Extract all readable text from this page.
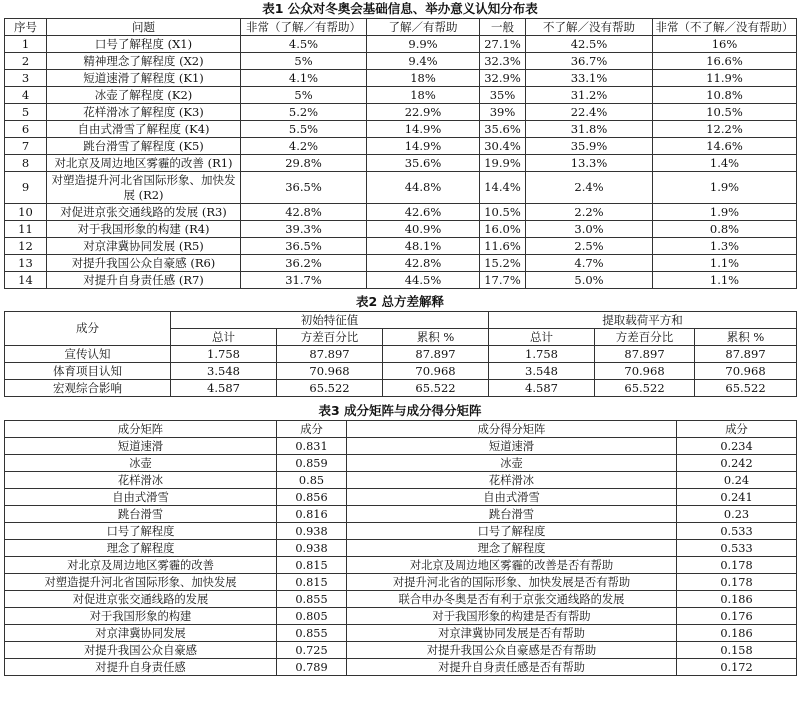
表1 公众对冬奥会基础信息、举办意义认知分布表
序号	问题	非常（了解／有帮助）	了解／有帮助	一般	不了解／没有帮助	非常（不了解／没有帮助）
1	口号了解程度 (X1)	4.5%	9.9%	27.1%	42.5%	16%
2	精神理念了解程度 (X2)	5%	9.4%	32.3%	36.7%	16.6%
3	短道速滑了解程度 (K1)	4.1%	18%	32.9%	33.1%	11.9%
4	冰壶了解程度 (K2)	5%	18%	35%	31.2%	10.8%
5	花样滑冰了解程度 (K3)	5.2%	22.9%	39%	22.4%	10.5%
6	自由式滑雪了解程度 (K4)	5.5%	14.9%	35.6%	31.8%	12.2%
7	跳台滑雪了解程度 (K5)	4.2%	14.9%	30.4%	35.9%	14.6%
8	对北京及周边地区雾霾的改善 (R1)	29.8%	35.6%	19.9%	13.3%	1.4%
9	对塑造提升河北省国际形象、加快发展 (R2)	36.5%	44.8%	14.4%	2.4%	1.9%
10	对促进京张交通线路的发展 (R3)	42.8%	42.6%	10.5%	2.2%	1.9%
11	对于我国形象的构建 (R4)	39.3%	40.9%	16.0%	3.0%	0.8%
12	对京津冀协同发展 (R5)	36.5%	48.1%	11.6%	2.5%	1.3%
13	对提升我国公众自豪感 (R6)	36.2%	42.8%	15.2%	4.7%	1.1%
14	对提升自身责任感 (R7)	31.7%	44.5%	17.7%	5.0%	1.1%
表2 总方差解释
成分	初始特征值			提取载荷平方和		
	总计	方差百分比	累积 %	总计	方差百分比	累积 %
宣传认知	1.758	87.897	87.897	1.758	87.897	87.897
体育项目认知	3.548	70.968	70.968	3.548	70.968	70.968
宏观综合影响	4.587	65.522	65.522	4.587	65.522	65.522
表3 成分矩阵与成分得分矩阵
成分矩阵	成分	成分得分矩阵	成分
短道速滑	0.831	短道速滑	0.234
冰壶	0.859	冰壶	0.242
花样滑冰	0.85	花样滑冰	0.24
自由式滑雪	0.856	自由式滑雪	0.241
跳台滑雪	0.816	跳台滑雪	0.23
口号了解程度	0.938	口号了解程度	0.533
理念了解程度	0.938	理念了解程度	0.533
对北京及周边地区雾霾的改善	0.815	对北京及周边地区雾霾的改善是否有帮助	0.178
对塑造提升河北省国际形象、加快发展	0.815	对提升河北省的国际形象、加快发展是否有帮助	0.178
对促进京张交通线路的发展	0.855	联合申办冬奥是否有利于京张交通线路的发展	0.186
对于我国形象的构建	0.805	对于我国形象的构建是否有帮助	0.176
对京津冀协同发展	0.855	对京津冀协同发展是否有帮助	0.186
对提升我国公众自豪感	0.725	对提升我国公众自豪感是否有帮助	0.158
对提升自身责任感	0.789	对提升自身责任感是否有帮助	0.172
